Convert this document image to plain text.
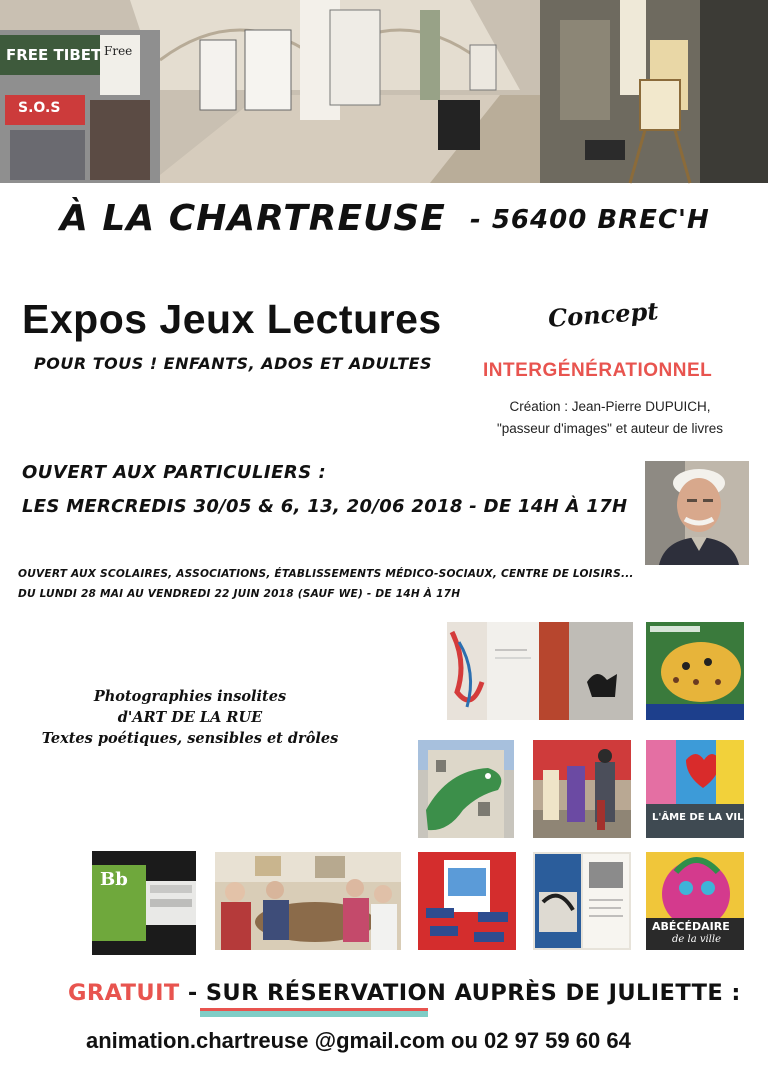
FREE TIBET Free
S.O.S
À LA CHARTREUSE - 56400 BREC'H
Expos Jeux Lectures
POUR TOUS ! ENFANTS, ADOS ET ADULTES
Concept
INTERGÉNÉRATIONNEL
Création : Jean-Pierre DUPUICH,
"passeur d'images" et auteur de livres
OUVERT AUX PARTICULIERS :
LES MERCREDIS 30/05 & 6, 13, 20/06 2018 - DE 14H À 17H
OUVERT AUX SCOLAIRES, ASSOCIATIONS, ÉTABLISSEMENTS MÉDICO-SOCIAUX, CENTRE DE LOISIRS...
DU LUNDI 28 MAI AU VENDREDI 22 JUIN 2018 (SAUF WE) - DE 14H À 17H
Photographies insolites
d'ART DE LA RUE
Textes poétiques, sensibles et drôles
L'ÂME DE LA VILLE
Bb
ABÉCÉDAIRE
de la ville
GRATUIT - SUR RÉSERVATION AUPRÈS DE JULIETTE :
animation.chartreuse @gmail.com ou 02 97 59 60 64
